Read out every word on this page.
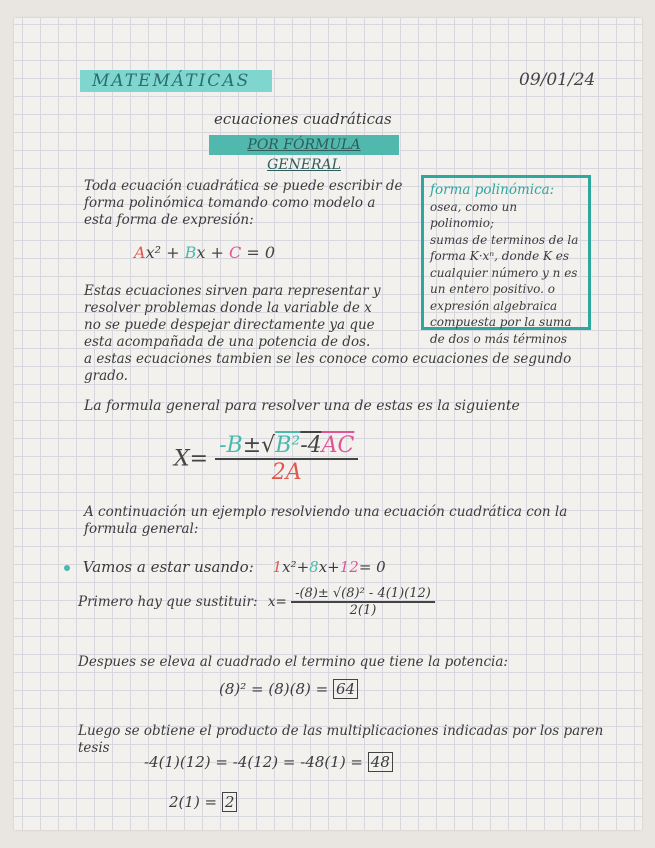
MATEMÁTICAS	09/01/24
ecuaciones cuadráticas
POR FÓRMULA GENERAL

Toda ecuación cuadrática se puede escribir de

forma polinómica tomando como modelo a

esta forma de expresión:

Ax² + Bx + C = 0
forma polinómica:
osea, como un polinomio;
sumas de terminos de la
forma K·xⁿ, donde K es
cualquier número y n es
un entero positivo. o
expresión algebraica
compuesta por la suma
de dos o más términos

Estas ecuaciones sirven para representar y

resolver problemas donde la variable de x

no se puede despejar directamente ya que

esta acompañada de una potencia de dos.

a estas ecuaciones tambien se les conoce como ecuaciones de segundo

grado.

La formula general para resolver una de estas es la siguiente

$X= \frac{-B\pm√B^2-4\overline{AC}}{2A}$

A continuación un ejemplo resolviendo una ecuación cuadrática con la

formula general:

Vamos a estar usando: 1x²+8x+12= 0
Primero hay que sustituir: $x= \frac{\text{-(8)± √(8)² - 4(1)(12)}}{2(1)}$

Despues se eleva al cuadrado el termino que tiene la potencia:

(8)² = (8)(8) = 64

Luego se obtiene el producto de las multiplicaciones indicadas por los paren

tesis

-4(1)(12) = -4(12) = -48(1) = 48
2(1) = 2
